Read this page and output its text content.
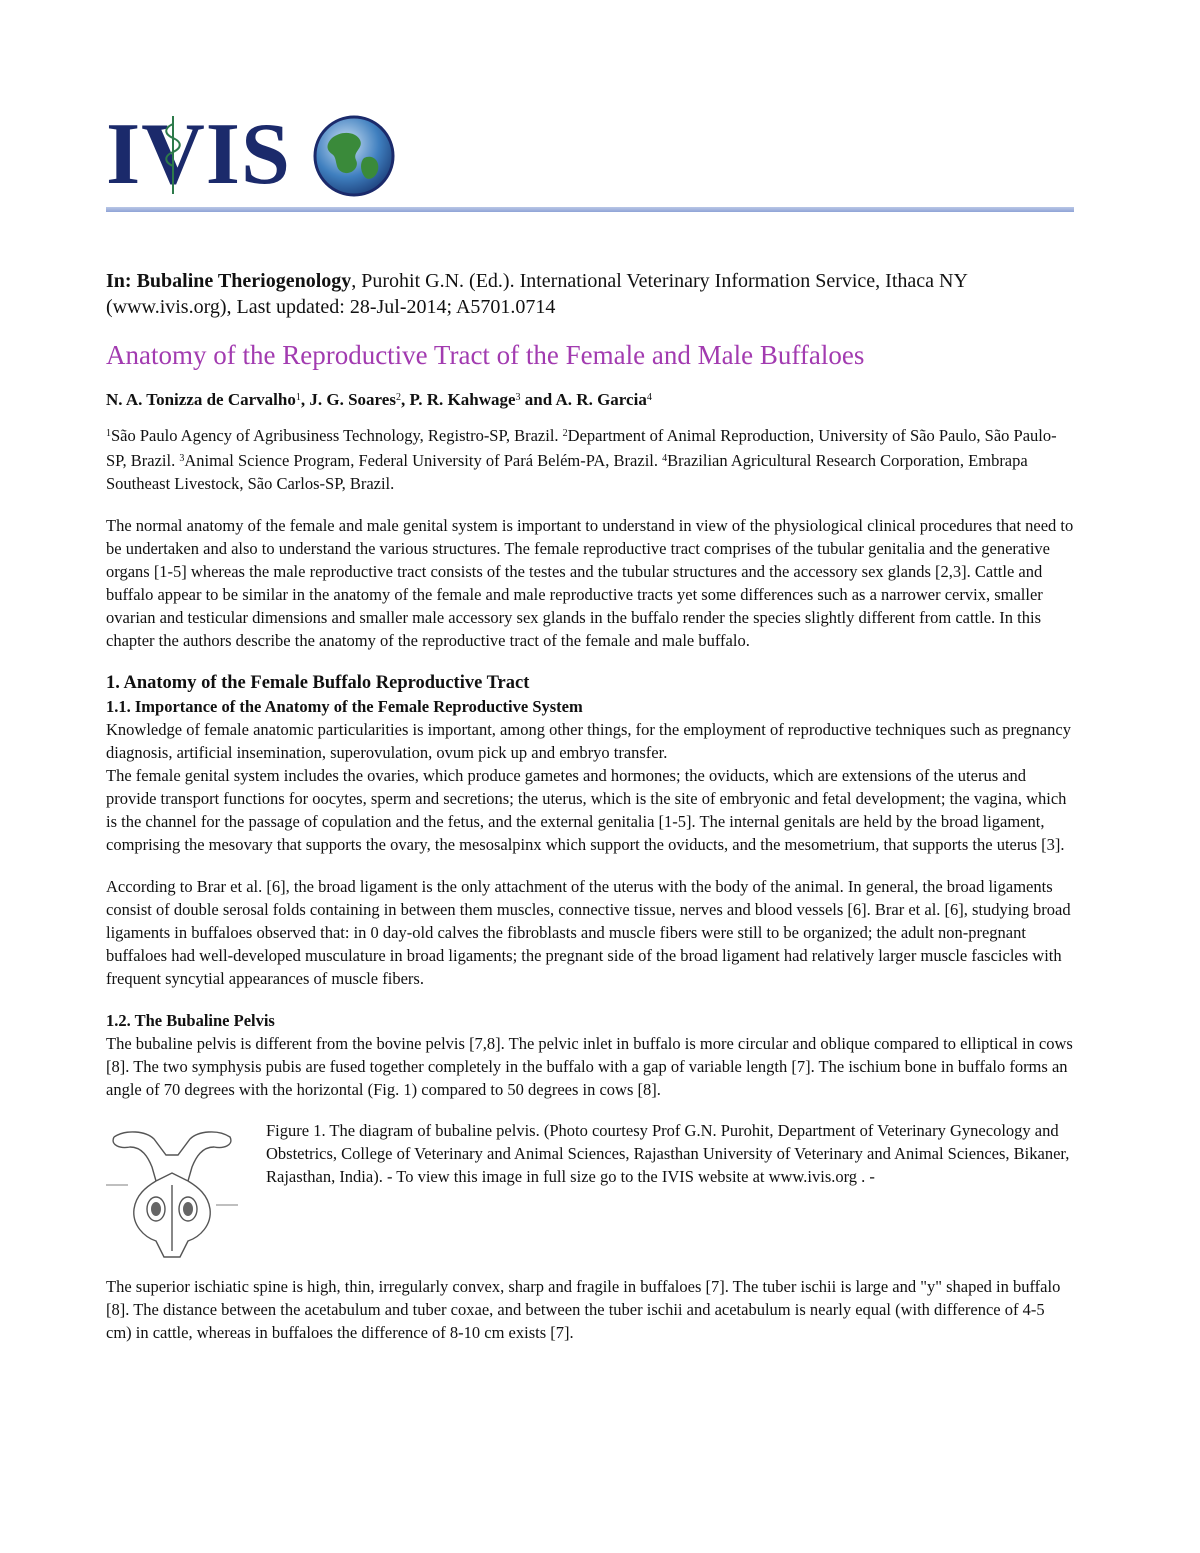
IVIS

In: Bubaline Theriogenology, Purohit G.N. (Ed.). International Veterinary Information Service, Ithaca NY (www.ivis.org), Last updated: 28-Jul-2014; A5701.0714

Anatomy of the Reproductive Tract of the Female and Male Buffaloes

N. A. Tonizza de Carvalho$^1$, J. G. Soares$^2$, P. R. Kahwage$^3$ and A. R. Garcia$^4$

$^1$São Paulo Agency of Agribusiness Technology, Registro-SP, Brazil. $^2$Department of Animal Reproduction, University of São Paulo, São Paulo-SP, Brazil. $^3$Animal Science Program, Federal University of Pará Belém-PA, Brazil. $^4$Brazilian Agricultural Research Corporation, Embrapa Southeast Livestock, São Carlos-SP, Brazil.

The normal anatomy of the female and male genital system is important to understand in view of the physiological clinical procedures that need to be undertaken and also to understand the various structures. The female reproductive tract comprises of the tubular genitalia and the generative organs [1-5] whereas the male reproductive tract consists of the testes and the tubular structures and the accessory sex glands [2,3]. Cattle and buffalo appear to be similar in the anatomy of the female and male reproductive tracts yet some differences such as a narrower cervix, smaller ovarian and testicular dimensions and smaller male accessory sex glands in the buffalo render the species slightly different from cattle. In this chapter the authors describe the anatomy of the reproductive tract of the female and male buffalo.

1. Anatomy of the Female Buffalo Reproductive Tract

1.1. Importance of the Anatomy of the Female Reproductive System

Knowledge of female anatomic particularities is important, among other things, for the employment of reproductive techniques such as pregnancy diagnosis, artificial insemination, superovulation, ovum pick up and embryo transfer.

The female genital system includes the ovaries, which produce gametes and hormones; the oviducts, which are extensions of the uterus and provide transport functions for oocytes, sperm and secretions; the uterus, which is the site of embryonic and fetal development; the vagina, which is the channel for the passage of copulation and the fetus, and the external genitalia [1-5]. The internal genitals are held by the broad ligament, comprising the mesovary that supports the ovary, the mesosalpinx which support the oviducts, and the mesometrium, that supports the uterus [3].

According to Brar et al. [6], the broad ligament is the only attachment of the uterus with the body of the animal. In general, the broad ligaments consist of double serosal folds containing in between them muscles, connective tissue, nerves and blood vessels [6]. Brar et al. [6], studying broad ligaments in buffaloes observed that: in 0 day-old calves the fibroblasts and muscle fibers were still to be organized; the adult non-pregnant buffaloes had well-developed musculature in broad ligaments; the pregnant side of the broad ligament had relatively larger muscle fascicles with frequent syncytial appearances of muscle fibers.

1.2. The Bubaline Pelvis

The bubaline pelvis is different from the bovine pelvis [7,8]. The pelvic inlet in buffalo is more circular and oblique compared to elliptical in cows [8]. The two symphysis pubis are fused together completely in the buffalo with a gap of variable length [7]. The ischium bone in buffalo forms an angle of 70 degrees with the horizontal (Fig. 1) compared to 50 degrees in cows [8].

Figure 1. The diagram of bubaline pelvis. (Photo courtesy Prof G.N. Purohit, Department of Veterinary Gynecology and Obstetrics, College of Veterinary and Animal Sciences, Rajasthan University of Veterinary and Animal Sciences, Bikaner, Rajasthan, India). - To view this image in full size go to the IVIS website at www.ivis.org . -

The superior ischiatic spine is high, thin, irregularly convex, sharp and fragile in buffaloes [7]. The tuber ischii is large and "y" shaped in buffalo [8]. The distance between the acetabulum and tuber coxae, and between the tuber ischii and acetabulum is nearly equal (with difference of 4-5 cm) in cattle, whereas in buffaloes the difference of 8-10 cm exists [7].
